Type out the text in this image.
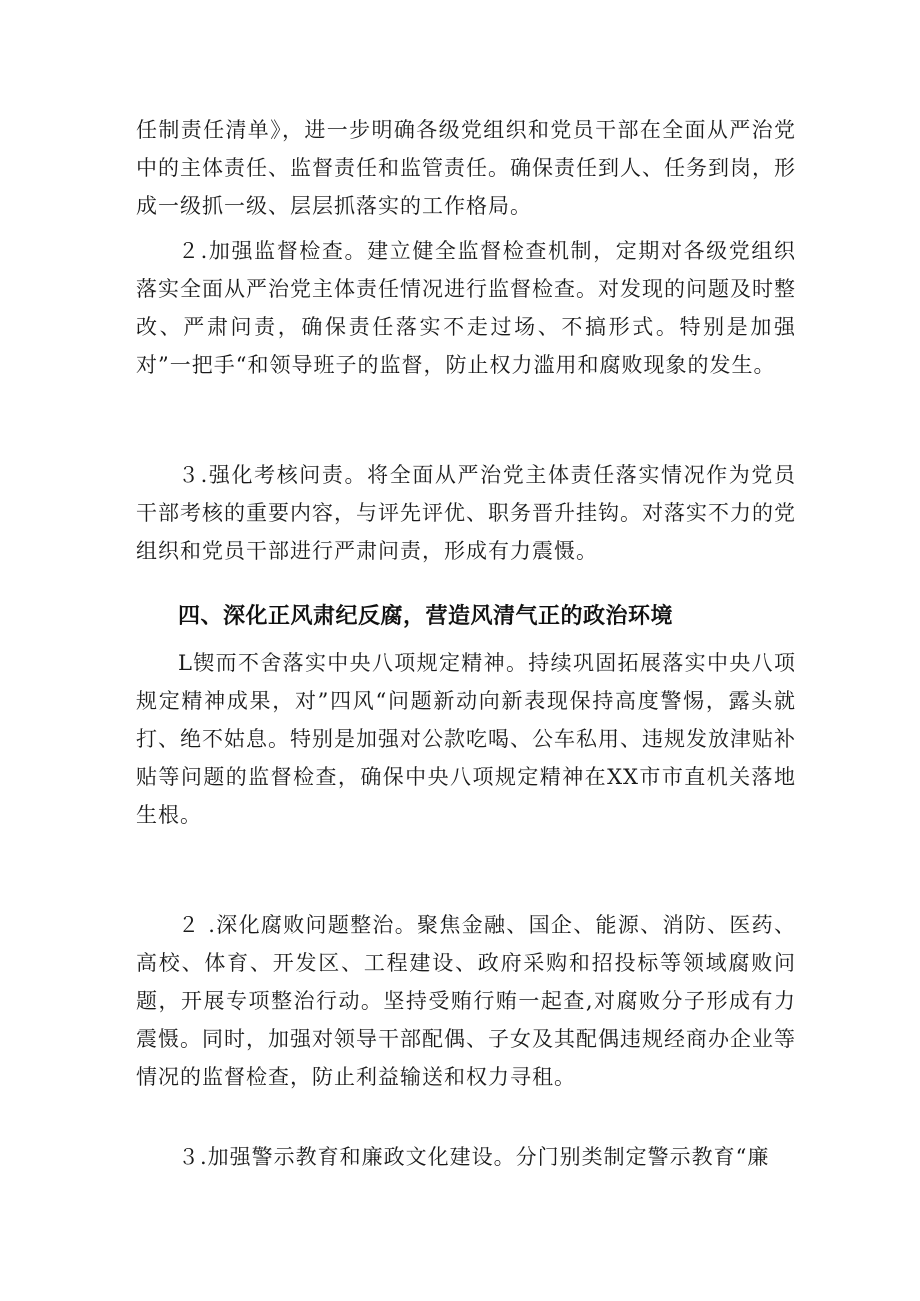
任制责任清单》，进一步明确各级党组织和党员干部在全面从严治党中的主体责任、监督责任和监管责任。确保责任到人、任务到岗，形成一级抓一级、层层抓落实的工作格局。

２.加强监督检查。建立健全监督检查机制，定期对各级党组织落实全面从严治党主体责任情况进行监督检查。对发现的问题及时整改、严肃问责，确保责任落实不走过场、不搞形式。特别是加强对”一把手“和领导班子的监督，防止权力滥用和腐败现象的发生。

３.强化考核问责。将全面从严治党主体责任落实情况作为党员干部考核的重要内容，与评先评优、职务晋升挂钩。对落实不力的党组织和党员干部进行严肃问责，形成有力震慑。

四、深化正风肃纪反腐，营造风清气正的政治环境

L锲而不舍落实中央八项规定精神。持续巩固拓展落实中央八项规定精神成果，对”四风“问题新动向新表现保持高度警惕，露头就打、绝不姑息。特别是加强对公款吃喝、公车私用、违规发放津贴补贴等问题的监督检查，确保中央八项规定精神在XX市市直机关落地生根。

２ .深化腐败问题整治。聚焦金融、国企、能源、消防、医药、高校、体育、开发区、工程建设、政府采购和招投标等领域腐败问题，开展专项整治行动。坚持受贿行贿一起查,对腐败分子形成有力震慑。同时，加强对领导干部配偶、子女及其配偶违规经商办企业等情况的监督检查，防止利益输送和权力寻租。

３.加强警示教育和廉政文化建设。分门别类制定警示教育“廉
